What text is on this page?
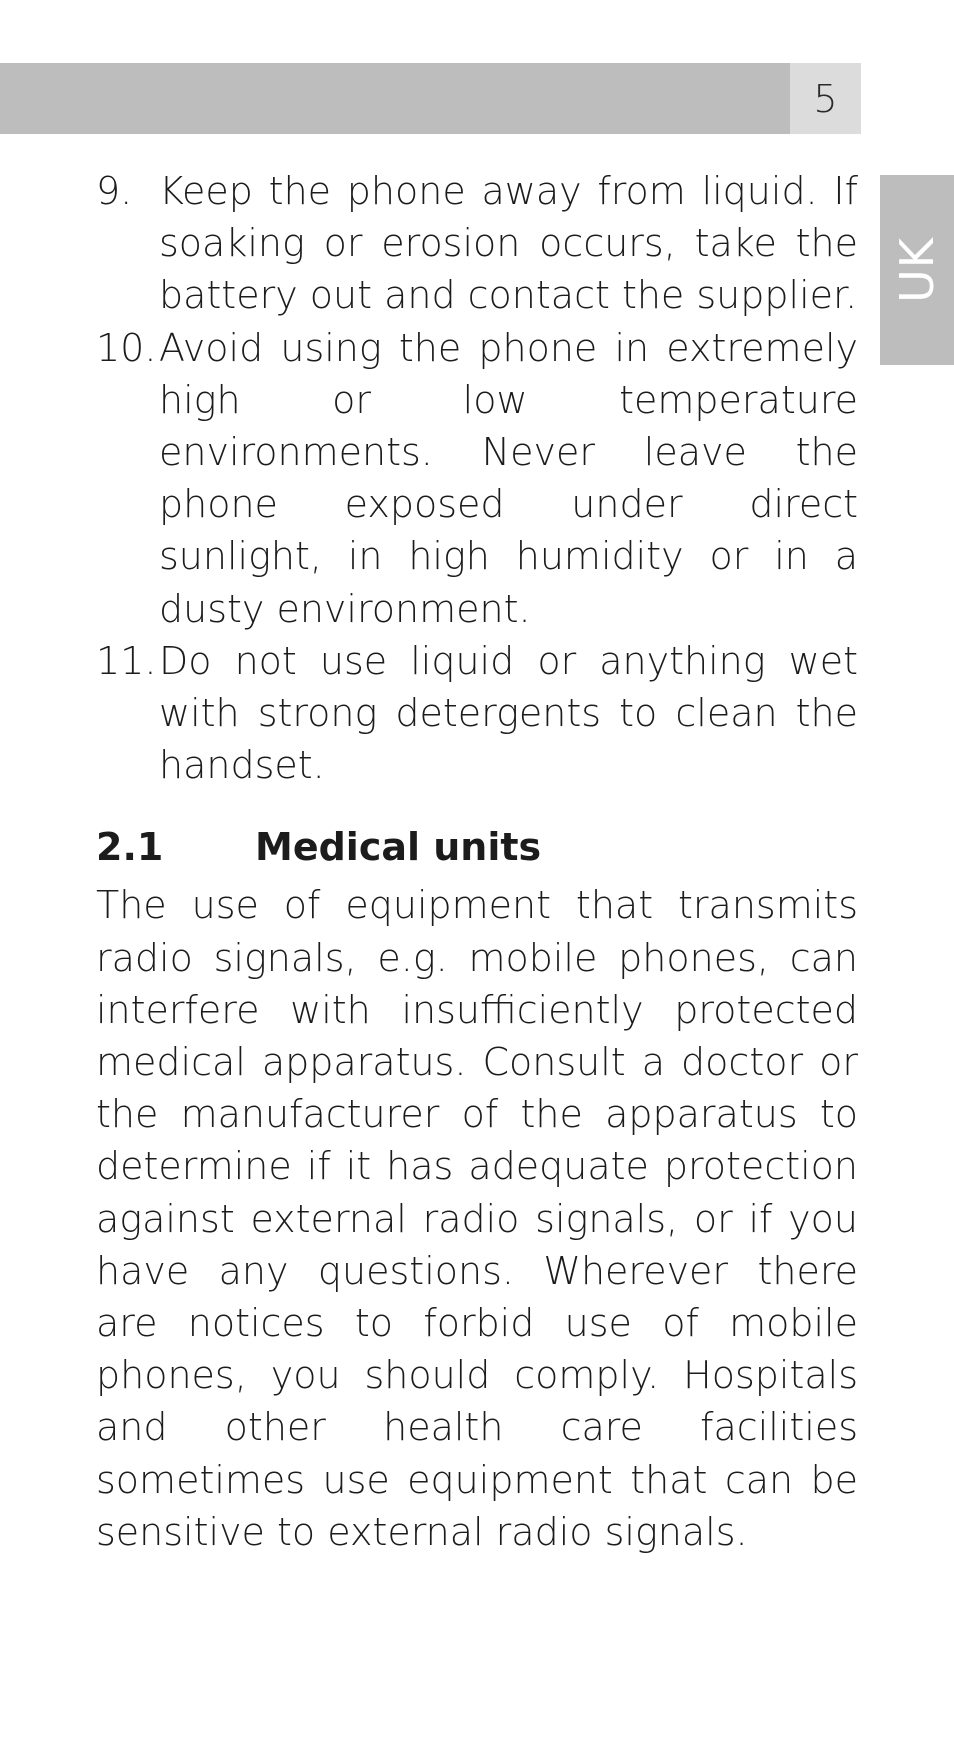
5
UK
9. Keep the phone away from liquid. If soaking or erosion occurs, take the battery out and contact the supplier.
10. Avoid using the phone in extremely high or low temperature environments. Never leave the phone exposed under direct sunlight, in high humidity or in a dusty environment.
11. Do not use liquid or anything wet with strong detergents to clean the handset.
2.1	Medical units
The use of equipment that transmits radio signals, e.g. mobile phones, can interfere with insufficiently protected medical apparatus. Consult a doctor or the manufacturer of the apparatus to determine if it has adequate protection against external radio signals, or if you have any questions. Wherever there are notices to forbid use of mobile phones, you should comply. Hospitals and other health care facilities sometimes use equipment that can be sensitive to external radio signals.
